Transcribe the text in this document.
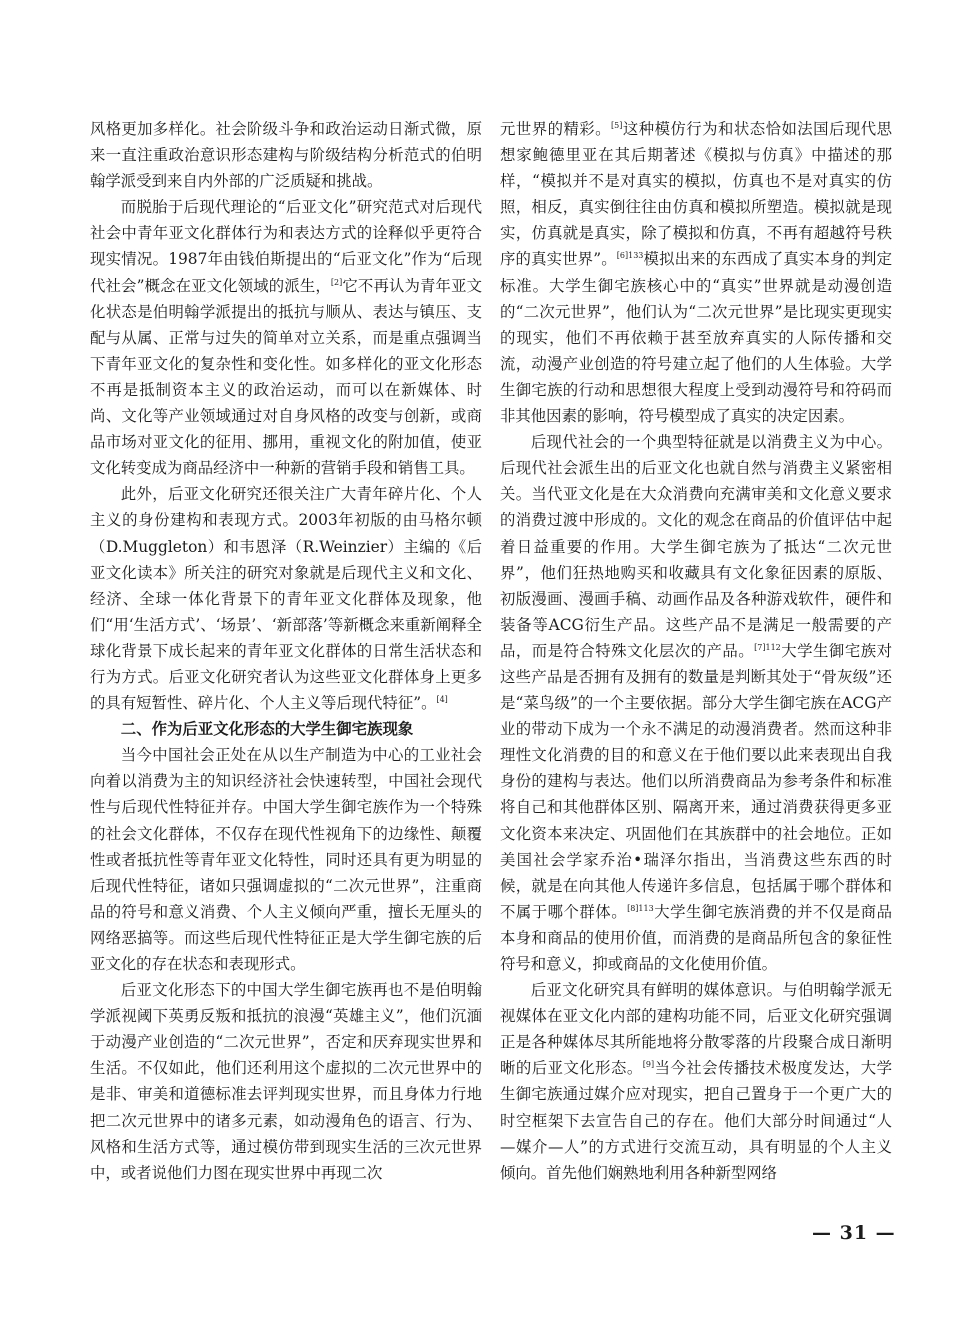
风格更加多样化。社会阶级斗争和政治运动日渐式微，原来一直注重政治意识形态建构与阶级结构分析范式的伯明翰学派受到来自内外部的广泛质疑和挑战。

而脱胎于后现代理论的“后亚文化”研究范式对后现代社会中青年亚文化群体行为和表达方式的诠释似乎更符合现实情况。1987年由钱伯斯提出的“后亚文化”作为“后现代社会”概念在亚文化领域的派生，[2]它不再认为青年亚文化状态是伯明翰学派提出的抵抗与顺从、表达与镇压、支配与从属、正常与过失的简单对立关系，而是重点强调当下青年亚文化的复杂性和变化性。如多样化的亚文化形态不再是抵制资本主义的政治运动，而可以在新媒体、时尚、文化等产业领域通过对自身风格的改变与创新，或商品市场对亚文化的征用、挪用，重视文化的附加值，使亚文化转变成为商品经济中一种新的营销手段和销售工具。

此外，后亚文化研究还很关注广大青年碎片化、个人主义的身份建构和表现方式。2003年初版的由马格尔顿（D.Muggleton）和韦恩泽（R.Weinzier）主编的《后亚文化读本》所关注的研究对象就是后现代主义和文化、经济、全球一体化背景下的青年亚文化群体及现象，他们“用‘生活方式’、‘场景’、‘新部落’等新概念来重新阐释全球化背景下成长起来的青年亚文化群体的日常生活状态和行为方式。后亚文化研究者认为这些亚文化群体身上更多的具有短暂性、碎片化、个人主义等后现代特征”。[4]

二、作为后亚文化形态的大学生御宅族现象

当今中国社会正处在从以生产制造为中心的工业社会向着以消费为主的知识经济社会快速转型，中国社会现代性与后现代性特征并存。中国大学生御宅族作为一个特殊的社会文化群体，不仅存在现代性视角下的边缘性、颠覆性或者抵抗性等青年亚文化特性，同时还具有更为明显的后现代性特征，诸如只强调虚拟的“二次元世界”，注重商品的符号和意义消费、个人主义倾向严重，擅长无厘头的网络恶搞等。而这些后现代性特征正是大学生御宅族的后亚文化的存在状态和表现形式。

后亚文化形态下的中国大学生御宅族再也不是伯明翰学派视阈下英勇反叛和抵抗的浪漫“英雄主义”，他们沉湎于动漫产业创造的“二次元世界”，否定和厌弃现实世界和生活。不仅如此，他们还利用这个虚拟的二次元世界中的是非、审美和道德标准去评判现实世界，而且身体力行地把二次元世界中的诸多元素，如动漫角色的语言、行为、风格和生活方式等，通过模仿带到现实生活的三次元世界中，或者说他们力图在现实世界中再现二次

元世界的精彩。[5]这种模仿行为和状态恰如法国后现代思想家鲍德里亚在其后期著述《模拟与仿真》中描述的那样，“模拟并不是对真实的模拟，仿真也不是对真实的仿照，相反，真实倒往往由仿真和模拟所塑造。模拟就是现实，仿真就是真实，除了模拟和仿真，不再有超越符号秩序的真实世界”。$^{[6]133}$模拟出来的东西成了真实本身的判定标准。大学生御宅族核心中的“真实”世界就是动漫创造的“二次元世界”，他们认为“二次元世界”是比现实更现实的现实，他们不再依赖于甚至放弃真实的人际传播和交流，动漫产业创造的符号建立起了他们的人生体验。大学生御宅族的行动和思想很大程度上受到动漫符号和符码而非其他因素的影响，符号模型成了真实的决定因素。

后现代社会的一个典型特征就是以消费主义为中心。后现代社会派生出的后亚文化也就自然与消费主义紧密相关。当代亚文化是在大众消费向充满审美和文化意义要求的消费过渡中形成的。文化的观念在商品的价值评估中起着日益重要的作用。大学生御宅族为了抵达“二次元世界”，他们狂热地购买和收藏具有文化象征因素的原版、初版漫画、漫画手稿、动画作品及各种游戏软件，硬件和装备等ACG衍生产品。这些产品不是满足一般需要的产品，而是符合特殊文化层次的产品。$^{[7]112}$大学生御宅族对这些产品是否拥有及拥有的数量是判断其处于“骨灰级”还是“菜鸟级”的一个主要依据。部分大学生御宅族在ACG产业的带动下成为一个永不满足的动漫消费者。然而这种非理性文化消费的目的和意义在于他们要以此来表现出自我身份的建构与表达。他们以所消费商品为参考条件和标准将自己和其他群体区别、隔离开来，通过消费获得更多亚文化资本来决定、巩固他们在其族群中的社会地位。正如美国社会学家乔治•瑞泽尔指出，当消费这些东西的时候，就是在向其他人传递许多信息，包括属于哪个群体和不属于哪个群体。$^{[8]113}$大学生御宅族消费的并不仅是商品本身和商品的使用价值，而消费的是商品所包含的象征性符号和意义，抑或商品的文化使用价值。

后亚文化研究具有鲜明的媒体意识。与伯明翰学派无视媒体在亚文化内部的建构功能不同，后亚文化研究强调正是各种媒体尽其所能地将分散零落的片段聚合成日渐明晰的后亚文化形态。[9]当今社会传播技术极度发达，大学生御宅族通过媒介应对现实，把自己置身于一个更广大的时空框架下去宣告自己的存在。他们大部分时间通过“人—媒介—人”的方式进行交流互动，具有明显的个人主义倾向。首先他们娴熟地利用各种新型网络

— 31 —
